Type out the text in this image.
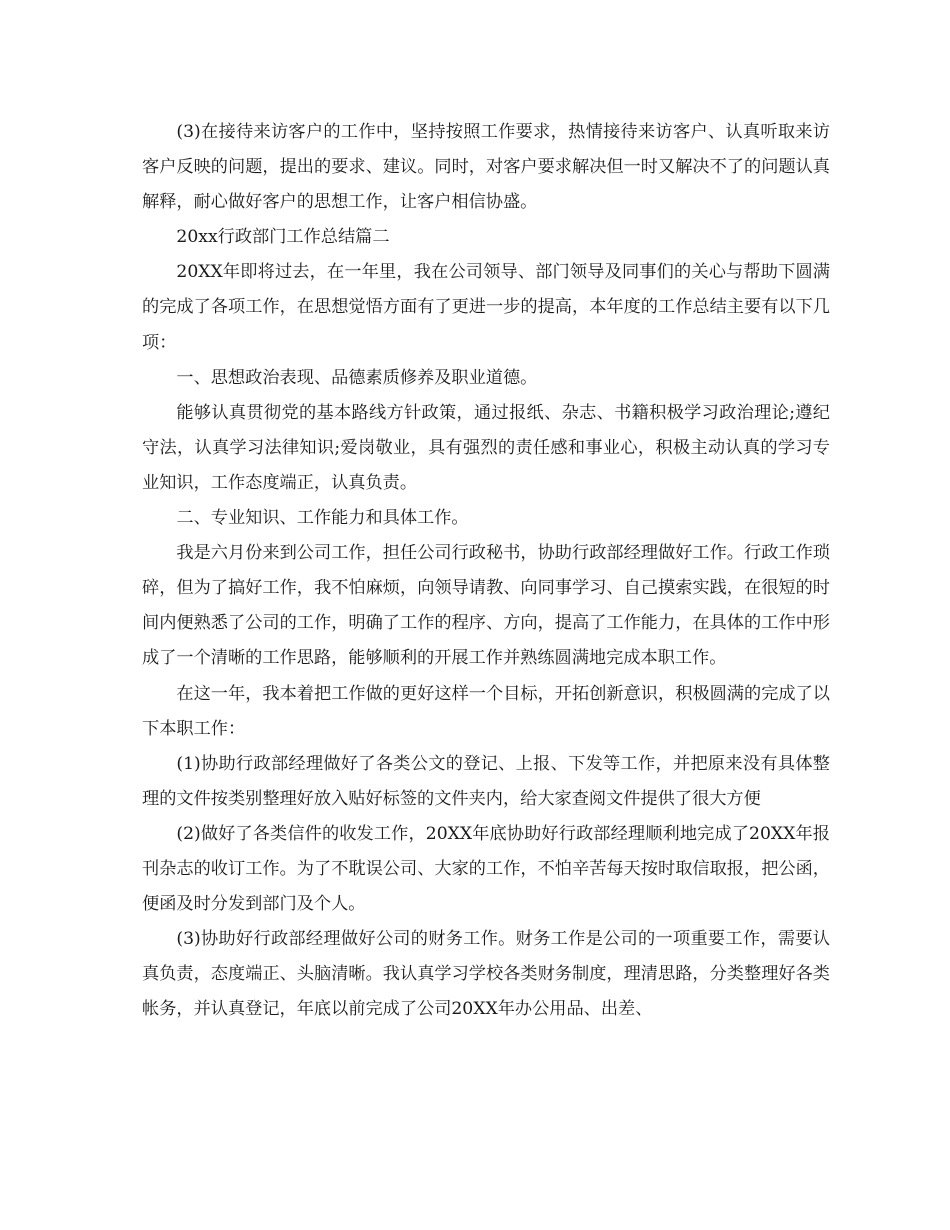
(3)在接待来访客户的工作中，坚持按照工作要求，热情接待来访客户、认真听取来访客户反映的问题，提出的要求、建议。同时，对客户要求解决但一时又解决不了的问题认真解释，耐心做好客户的思想工作，让客户相信协盛。

20xx行政部门工作总结篇二

20XX年即将过去，在一年里，我在公司领导、部门领导及同事们的关心与帮助下圆满的完成了各项工作，在思想觉悟方面有了更进一步的提高，本年度的工作总结主要有以下几项：

一、思想政治表现、品德素质修养及职业道德。

能够认真贯彻党的基本路线方针政策，通过报纸、杂志、书籍积极学习政治理论;遵纪守法，认真学习法律知识;爱岗敬业，具有强烈的责任感和事业心，积极主动认真的学习专业知识，工作态度端正，认真负责。

二、专业知识、工作能力和具体工作。

我是六月份来到公司工作，担任公司行政秘书，协助行政部经理做好工作。行政工作琐碎，但为了搞好工作，我不怕麻烦，向领导请教、向同事学习、自己摸索实践，在很短的时间内便熟悉了公司的工作，明确了工作的程序、方向，提高了工作能力，在具体的工作中形成了一个清晰的工作思路，能够顺利的开展工作并熟练圆满地完成本职工作。

在这一年，我本着把工作做的更好这样一个目标，开拓创新意识，积极圆满的完成了以下本职工作：

(1)协助行政部经理做好了各类公文的登记、上报、下发等工作，并把原来没有具体整理的文件按类别整理好放入贴好标签的文件夹内，给大家查阅文件提供了很大方便

(2)做好了各类信件的收发工作，20XX年底协助好行政部经理顺利地完成了20XX年报刊杂志的收订工作。为了不耽误公司、大家的工作，不怕辛苦每天按时取信取报，把公函，便函及时分发到部门及个人。

(3)协助好行政部经理做好公司的财务工作。财务工作是公司的一项重要工作，需要认真负责，态度端正、头脑清晰。我认真学习学校各类财务制度，理清思路，分类整理好各类帐务，并认真登记，年底以前完成了公司20XX年办公用品、出差、
